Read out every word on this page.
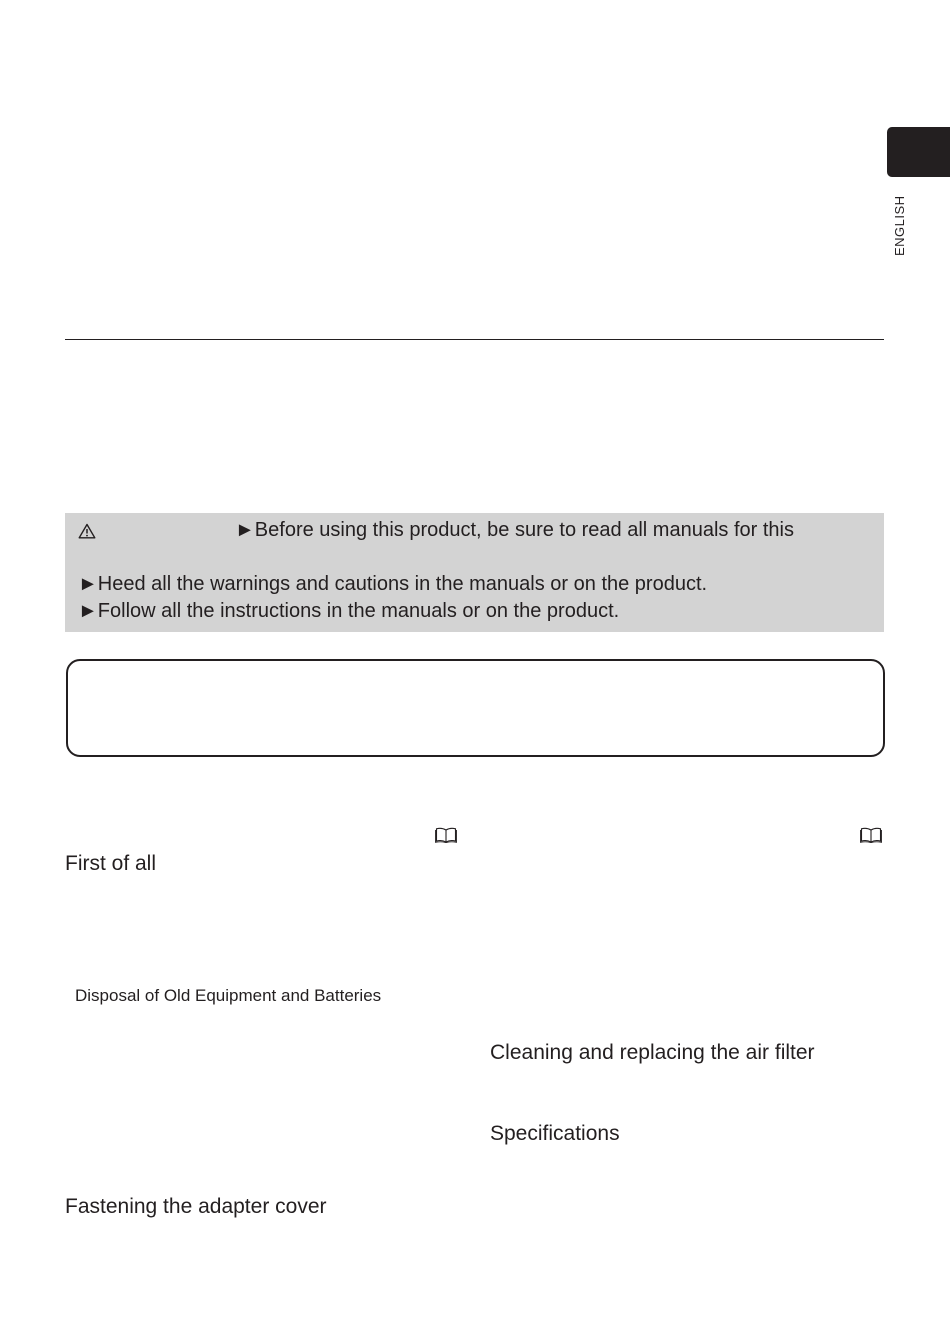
ENGLISH
►Before using this product, be sure to read all manuals for this
►Heed all the warnings and cautions in the manuals or on the product.
►Follow all the instructions in the manuals or on the product.
First of all
Disposal of Old Equipment and Batteries
Fastening the adapter cover
Cleaning and replacing the air filter
Specifications
